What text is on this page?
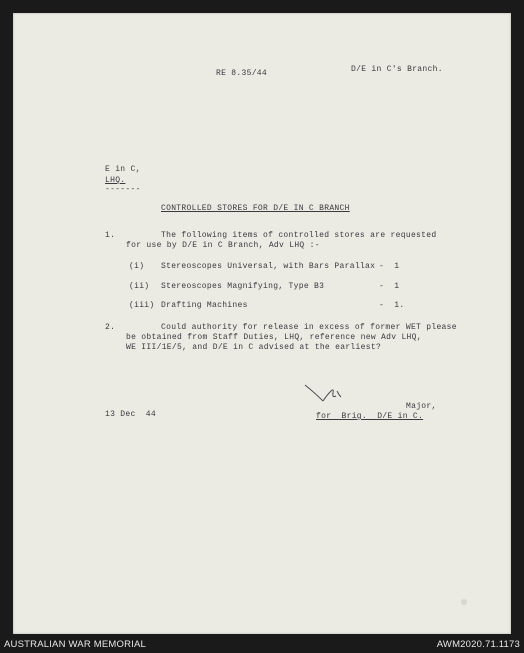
RE 8.35/44	D/E in C's Branch.
E in C,
LHQ.
-------
CONTROLLED STORES FOR D/E IN C BRANCH
1.	The following items of controlled stores are requested
for use by D/E in C Branch, Adv LHQ :-
(i) Stereoscopes Universal, with Bars Parallax -  1
(ii) Stereoscopes Magnifying, Type B3	-  1
(iii) Drafting Machines	-  1.
2.	Could authority for release in excess of former WET please
be obtained from Staff Duties, LHQ, reference new Adv LHQ,
WE III/1E/5, and D/E in C advised at the earliest?
Major,
for  Brig.  D/E in C.
13 Dec  44
AUSTRALIAN WAR MEMORIAL	AWM2020.71.1173
